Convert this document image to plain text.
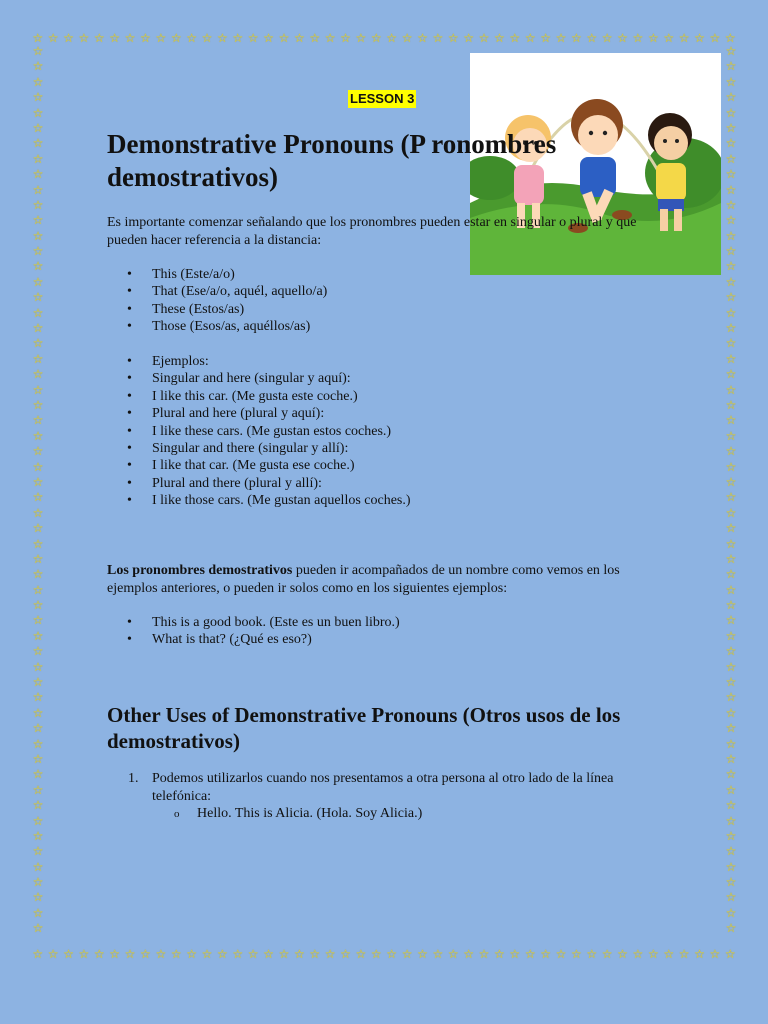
☆ ☆ ☆ ☆ ☆ ☆ ☆ ☆ ☆ ☆ ☆ ☆ ☆ ☆ ☆ ☆ ☆ ☆ ☆ ☆ ☆ ☆ ☆ ☆ ☆ ☆ ☆ ☆ ☆ ☆ ☆ ☆ ☆ ☆ ☆ ☆ ☆ ☆ ☆ ☆ ☆ ☆ ☆ ☆ ☆ ☆
☆ ☆ ☆ ☆ ☆ ☆ ☆ ☆ ☆ ☆ ☆ ☆ ☆ ☆ ☆ ☆ ☆ ☆ ☆ ☆ ☆ ☆ ☆ ☆ ☆ ☆ ☆ ☆ ☆ ☆ ☆ ☆ ☆ ☆ ☆ ☆ ☆ ☆ ☆ ☆ ☆ ☆ ☆ ☆ ☆ ☆
☆
☆
☆
☆
☆
☆
☆
☆
☆
☆
☆
☆
☆
☆
☆
☆
☆
☆
☆
☆
☆
☆
☆
☆
☆
☆
☆
☆
☆
☆
☆
☆
☆
☆
☆
☆
☆
☆
☆
☆
☆
☆
☆
☆
☆
☆
☆
☆
☆
☆
☆
☆
☆
☆
☆
☆
☆
☆
☆
☆
☆
☆
☆
☆
☆
☆
☆
☆
☆
☆
☆
☆
☆
☆
☆
☆
☆
☆
☆
☆
☆
☆
☆
☆
☆
☆
☆
☆
☆
☆
☆
☆
☆
☆
☆
☆
☆
☆
☆
☆
☆
☆
☆
☆
☆
☆
☆
☆
☆
☆
☆
☆
☆
☆
☆
☆
LESSON 3
Demonstrative Pronouns (P ronombres demostrativos)

Es importante comenzar señalando que los pronombres pueden estar en singular o plural y que pueden hacer referencia a la distancia:

• This (Este/a/o)
• That (Ese/a/o, aquél, aquello/a)
• These (Estos/as)
• Those (Esos/as, aquéllos/as)
• Ejemplos:
• Singular and here (singular y aquí):
• I like this car. (Me gusta este coche.)
• Plural and here (plural y aquí):
• I like these cars. (Me gustan estos coches.)
• Singular and there (singular y allí):
• I like that car. (Me gusta ese coche.)
• Plural and there (plural y allí):
• I like those cars. (Me gustan aquellos coches.)

Los pronombres demostrativos pueden ir acompañados de un nombre como vemos en los ejemplos anteriores, o pueden ir solos como en los siguientes ejemplos:

• This is a good book. (Este es un buen libro.)
• What is that? (¿Qué es eso?)
Other Uses of Demonstrative Pronouns (Otros usos de los demostrativos)
1. Podemos utilizarlos cuando nos presentamos a otra persona al otro lado de la línea telefónica:
o Hello. This is Alicia. (Hola. Soy Alicia.)
